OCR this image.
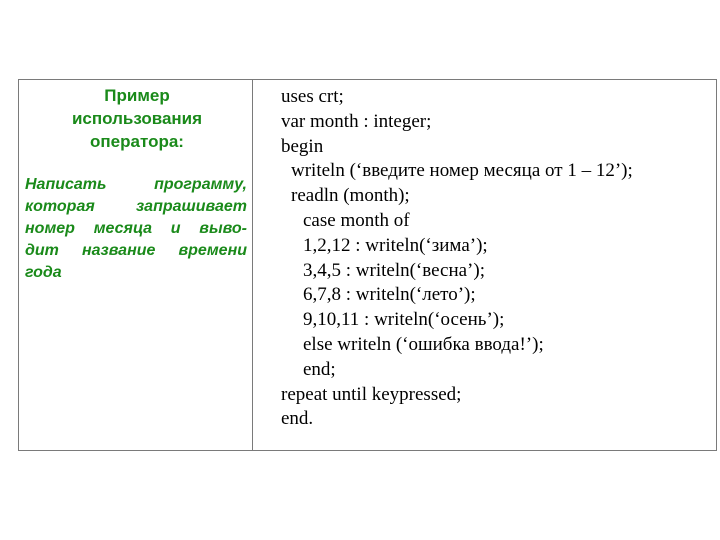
Пример
использования
оператора:
Написать программу,
которая запрашивает
номер месяца и выво-
дит название времени
года
uses crt;
var month : integer;
begin
writeln (‘введите номер месяца от 1 – 12’);
readln (month);
case month of
1,2,12 : writeln(‘зима’);
3,4,5 : writeln(‘весна’);
6,7,8 : writeln(‘лето’);
9,10,11 : writeln(‘осень’);
else writeln (‘ошибка ввода!’);
end;
repeat until keypressed;
end.
